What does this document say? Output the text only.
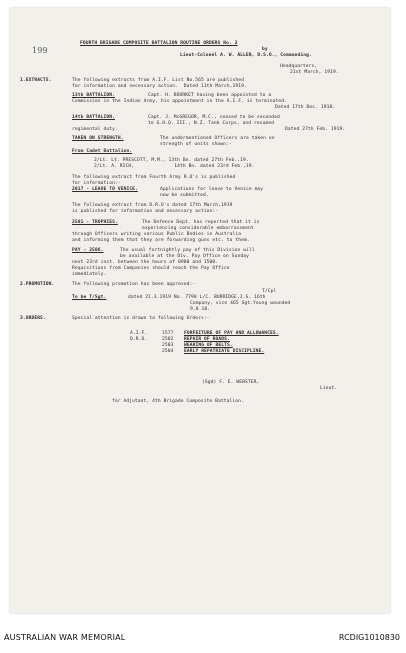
199
FOURTH BRIGADE COMPOSITE BATTALION ROUTINE ORDERS No. 2
by
Lieut-Colonel A. W. ALLEN, D.S.O., Commanding.
Headquarters,
21st March, 1919.
1.EXTRACTS.	The following extracts from A.I.F. List No.565 are published
for information and necessary action.  Dated 11th March,1919.
13th BATTALION.	Capt. H. BOURKET having been appointed to a
Commission in the Indian Army, his appointment in the A.I.F. is terminated.
Dated 17th Dec. 1918.
14th BATTALION.	Capt. J. McGREGOR, M.C., ceased to be seconded
to G.H.Q. III., N.Z. Tank Corps, and resumed
regimental duty.	Dated 27th Feb. 1919.
TAKEN ON STRENGTH.	The undermentioned Officers are taken on
strength of units shown:-
From Cadet Battalion.
2/Lt. Lt. PRESCOTT, M.M., 13th Bn. dated 27th Feb.,19.
2/Lt. A. RICH,              14th Bn. dated 23rd Feb.,19.
The following extract from Fourth Army R.O's is published
for information:-
2017 - LEAVE TO VENICE.	Applications for leave to Venice may
now be submitted.
The following extract from D.R.O's dated 17th March,1919
is published for information and necessary action:-
2501 - TROPHIES.	The Defence Dept. has reported that it is
experiencing considerable embarrassment
through Officers writing various Public Bodies in Australia
and informing them that they are forwarding guns etc. to them.
PAY - 2506.	The usual fortnightly pay of this Division will
be available at the Div. Pay Office on Sunday
next 23rd inst. between the hours of 0900 and 1500.
Requisitions from Companies should reach the Pay Office
immediately.
2.PROMOTION.	The following promotion has been approved:-
T/Cpl
To be T/Sgt.	dated 21.3.1919 No. 7790 L/C. BURRIDGE,J.S. 16th
Company, vice 465 Sgt.Young wounded
9.8.18.
3.ORDERS.	Special attention is drawn to following Orders:-
A.I.F.	1577 FORFEITURE OF PAY AND ALLOWANCES.
D.R.O.	2502 REPAIR OF ROADS.
2503 WEARING OF BELTS.
2504 EARLY REPATRIATE DISCIPLINE.
(Sgd) F. E. WEBSTER,
Lieut.
for Adjutant, 4th Brigade Composite Battalion.
AUSTRALIAN WAR MEMORIAL	RCDIG1010830
